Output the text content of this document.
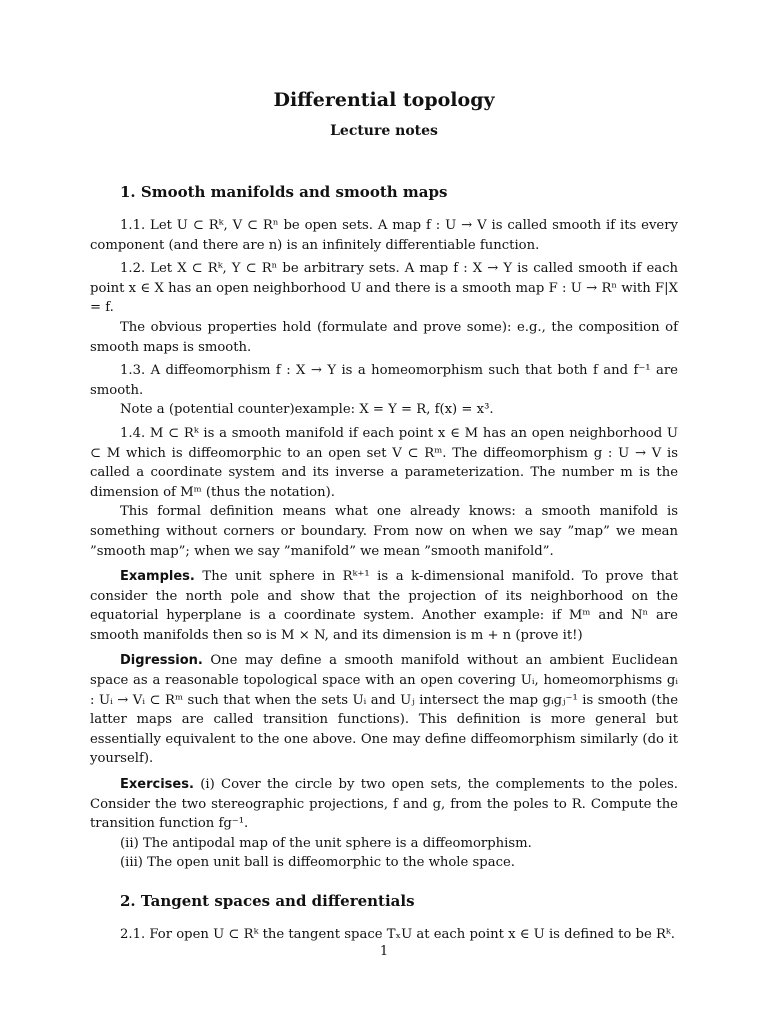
Differential topology
Lecture notes
1. Smooth manifolds and smooth maps

1.1. Let U ⊂ Rᵏ, V ⊂ Rⁿ be open sets. A map f : U → V is called smooth if its every component (and there are n) is an infinitely differentiable function.

1.2. Let X ⊂ Rᵏ, Y ⊂ Rⁿ be arbitrary sets. A map f : X → Y is called smooth if each point x ∈ X has an open neighborhood U and there is a smooth map F : U → Rⁿ with F|X = f.

The obvious properties hold (formulate and prove some): e.g., the composition of smooth maps is smooth.

1.3. A diffeomorphism f : X → Y is a homeomorphism such that both f and f⁻¹ are smooth.

Note a (potential counter)example: X = Y = R, f(x) = x³.

1.4. M ⊂ Rᵏ is a smooth manifold if each point x ∈ M has an open neighborhood U ⊂ M which is diffeomorphic to an open set V ⊂ Rᵐ. The diffeomorphism g : U → V is called a coordinate system and its inverse a parameterization. The number m is the dimension of Mᵐ (thus the notation).

This formal definition means what one already knows: a smooth manifold is something without corners or boundary. From now on when we say ”map” we mean ”smooth map”; when we say ”manifold” we mean ”smooth manifold”.

Examples. The unit sphere in Rᵏ⁺¹ is a k-dimensional manifold. To prove that consider the north pole and show that the projection of its neighborhood on the equatorial hyperplane is a coordinate system. Another example: if Mᵐ and Nⁿ are smooth manifolds then so is M × N, and its dimension is m + n (prove it!)

Digression. One may define a smooth manifold without an ambient Euclidean space as a reasonable topological space with an open covering Uᵢ, homeomorphisms gᵢ : Uᵢ → Vᵢ ⊂ Rᵐ such that when the sets Uᵢ and Uⱼ intersect the map gᵢgⱼ⁻¹ is smooth (the latter maps are called transition functions). This definition is more general but essentially equivalent to the one above. One may define diffeomorphism similarly (do it yourself).

Exercises. (i) Cover the circle by two open sets, the complements to the poles. Consider the two stereographic projections, f and g, from the poles to R. Compute the transition function fg⁻¹.

(ii) The antipodal map of the unit sphere is a diffeomorphism.

(iii) The open unit ball is diffeomorphic to the whole space.

2. Tangent spaces and differentials

2.1. For open U ⊂ Rᵏ the tangent space TₓU at each point x ∈ U is defined to be Rᵏ.

1
